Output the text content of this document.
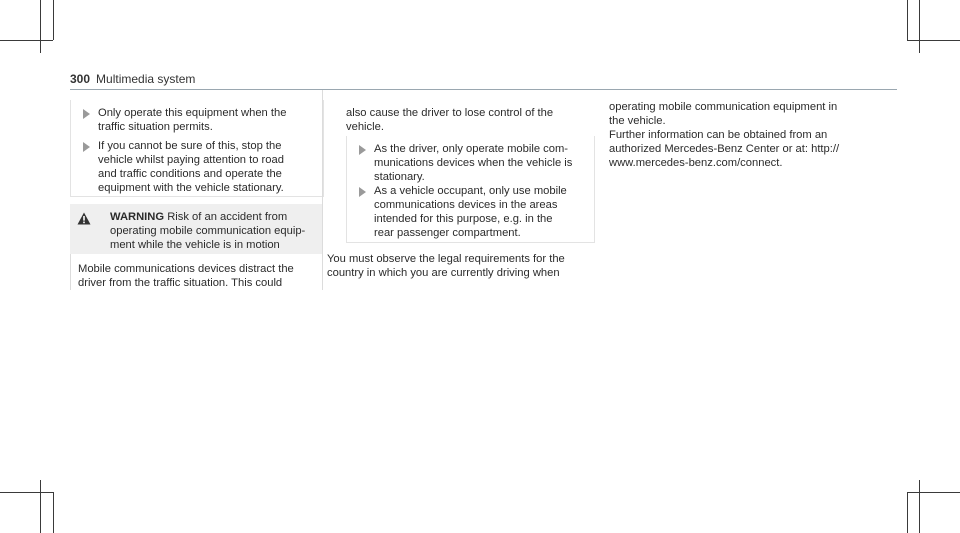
300 Multimedia system
Only operate this equipment when the
traffic situation permits.
If you cannot be sure of this, stop the
vehicle whilst paying attention to road
and traffic conditions and operate the
equipment with the vehicle stationary.
WARNING Risk of an accident from
operating mobile communication equip-
ment while the vehicle is in motion
Mobile communications devices distract the
driver from the traffic situation. This could
also cause the driver to lose control of the
vehicle.
As the driver, only operate mobile com-
munications devices when the vehicle is
stationary.
As a vehicle occupant, only use mobile
communications devices in the areas
intended for this purpose, e.g. in the
rear passenger compartment.
You must observe the legal requirements for the
country in which you are currently driving when
operating mobile communication equipment in
the vehicle.
Further information can be obtained from an
authorized Mercedes-Benz Center or at: http://
www.mercedes-benz.com/connect.
